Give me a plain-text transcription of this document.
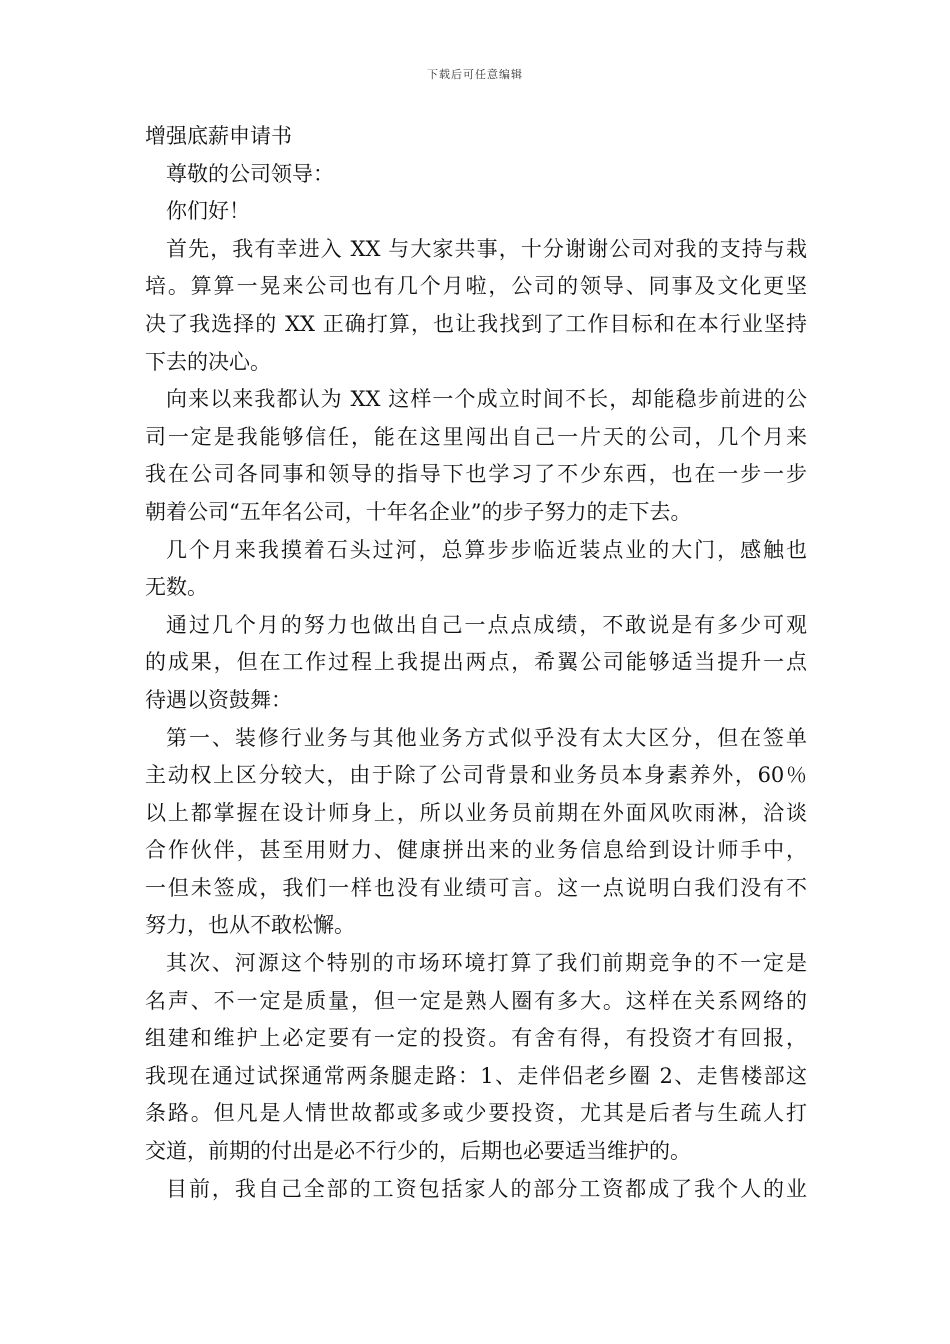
下载后可任意编辑
增强底薪申请书
尊敬的公司领导：
你们好！
首先，我有幸进入 XX 与大家共事，十分谢谢公司对我的支持与栽
培。算算一晃来公司也有几个月啦，公司的领导、同事及文化更坚
决了我选择的 XX 正确打算，也让我找到了工作目标和在本行业坚持
下去的决心。
向来以来我都认为 XX 这样一个成立时间不长，却能稳步前进的公
司一定是我能够信任，能在这里闯出自己一片天的公司，几个月来
我在公司各同事和领导的指导下也学习了不少东西，也在一步一步
朝着公司“五年名公司，十年名企业”的步子努力的走下去。
几个月来我摸着石头过河，总算步步临近装点业的大门，感触也
无数。
通过几个月的努力也做出自己一点点成绩，不敢说是有多少可观
的成果，但在工作过程上我提出两点，希翼公司能够适当提升一点
待遇以资鼓舞：
第一、装修行业务与其他业务方式似乎没有太大区分，但在签单
主动权上区分较大，由于除了公司背景和业务员本身素养外，60％
以上都掌握在设计师身上，所以业务员前期在外面风吹雨淋，洽谈
合作伙伴，甚至用财力、健康拼出来的业务信息给到设计师手中，
一但未签成，我们一样也没有业绩可言。这一点说明白我们没有不
努力，也从不敢松懈。
其次、河源这个特别的市场环境打算了我们前期竞争的不一定是
名声、不一定是质量，但一定是熟人圈有多大。这样在关系网络的
组建和维护上必定要有一定的投资。有舍有得，有投资才有回报，
我现在通过试探通常两条腿走路：1、走伴侣老乡圈 2、走售楼部这
条路。但凡是人情世故都或多或少要投资，尤其是后者与生疏人打
交道，前期的付出是必不行少的，后期也必要适当维护的。
目前，我自己全部的工资包括家人的部分工资都成了我个人的业
